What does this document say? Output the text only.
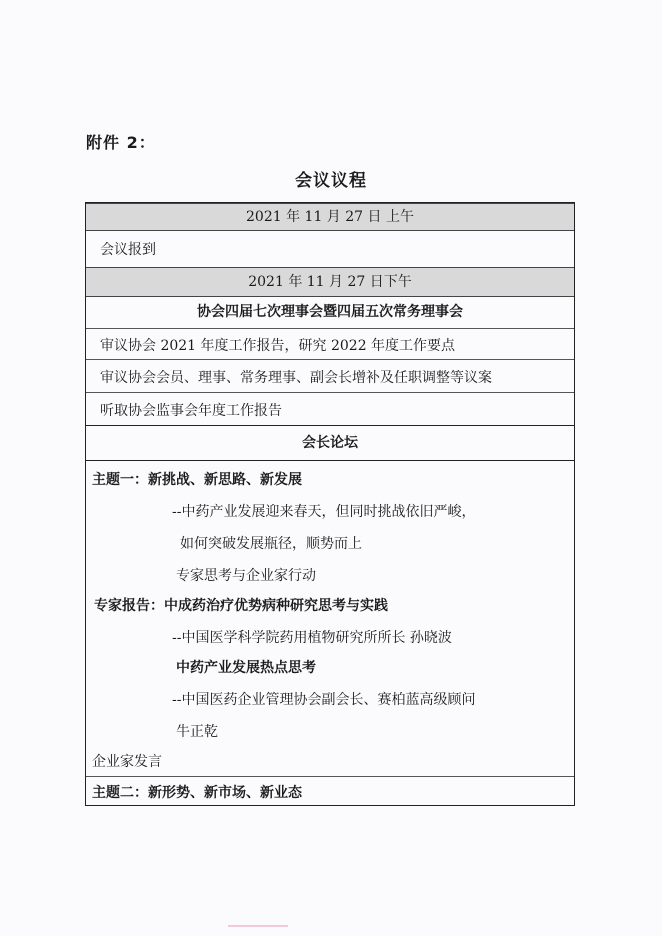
附件 2：
会议议程
2021 年 11 月 27 日 上午
会议报到
2021 年 11 月 27 日下午
协会四届七次理事会暨四届五次常务理事会
审议协会 2021 年度工作报告，研究 2022 年度工作要点
审议协会会员、理事、常务理事、副会长增补及任职调整等议案
听取协会监事会年度工作报告
会长论坛
主题一：新挑战、新思路、新发展
--中药产业发展迎来春天，但同时挑战依旧严峻，
如何突破发展瓶径，顺势而上
专家思考与企业家行动
专家报告：中成药治疗优势病种研究思考与实践
--中国医学科学院药用植物研究所所长 孙晓波
中药产业发展热点思考
--中国医药企业管理协会副会长、赛柏蓝高级顾问
牛正乾
企业家发言
主题二：新形势、新市场、新业态
